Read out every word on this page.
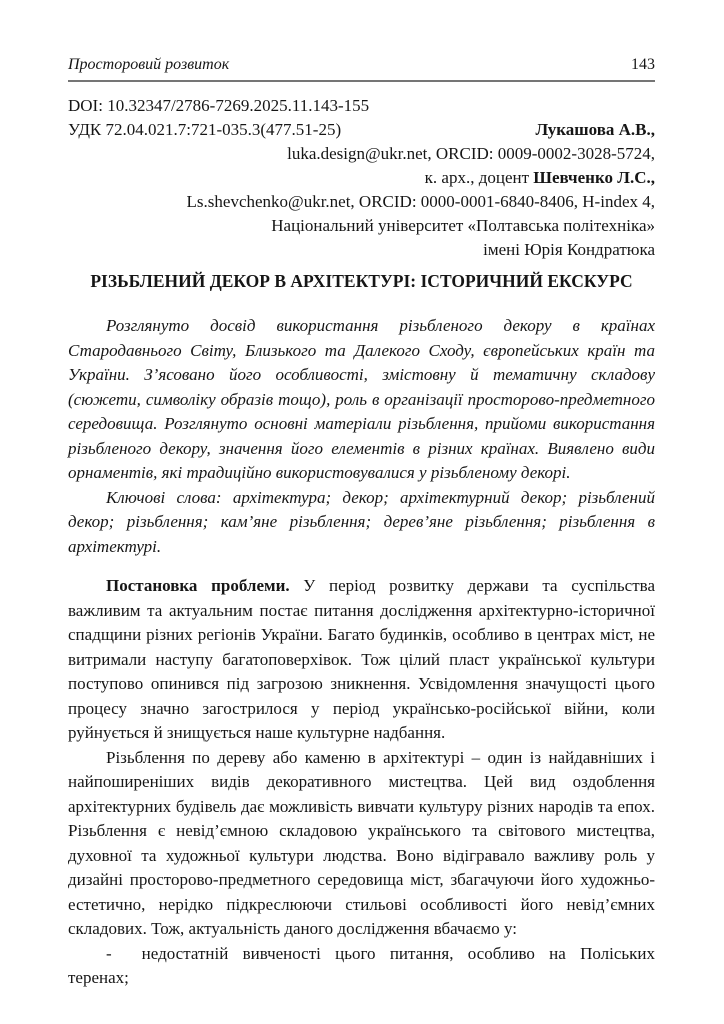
Просторовий розвиток	143

DOI: 10.32347/2786-7269.2025.11.143-155

УДК 72.04.021.7:721-035.3(477.51-25)	Лукашова А.В.,

luka.design@ukr.net, ORCID: 0009-0002-3028-5724,

к. арх., доцент Шевченко Л.С.,

Ls.shevchenko@ukr.net, ORCID: 0000-0001-6840-8406, H-index 4,

Національний університет «Полтавська політехніка»

імені Юрія Кондратюка

РІЗЬБЛЕНИЙ ДЕКОР В АРХІТЕКТУРІ: ІСТОРИЧНИЙ ЕКСКУРС

Розглянуто досвід використання різьбленого декору в країнах Стародавнього Світу, Близького та Далекого Сходу, європейських країн та України. З’ясовано його особливості, змістовну й тематичну складову (сюжети, символіку образів тощо), роль в організації просторово-предметного середовища. Розглянуто основні матеріали різьблення, прийоми використання різьбленого декору, значення його елементів в різних країнах. Виявлено види орнаментів, які традиційно використовувалися у різьбленому декорі.

Ключові слова: архітектура; декор; архітектурний декор; різьблений декор; різьблення; кам’яне різьблення; дерев’яне різьблення; різьблення в архітектурі.

Постановка проблеми. У період розвитку держави та суспільства важливим та актуальним постає питання дослідження архітектурно-історичної спадщини різних регіонів України. Багато будинків, особливо в центрах міст, не витримали наступу багатоповерхівок. Тож цілий пласт української культури поступово опинився під загрозою зникнення. Усвідомлення значущості цього процесу значно загострилося у період українсько-російської війни, коли руйнується й знищується наше культурне надбання.

Різьблення по дереву або каменю в архітектурі – один із найдавніших і найпоширеніших видів декоративного мистецтва. Цей вид оздоблення архітектурних будівель дає можливість вивчати культуру різних народів та епох. Різьблення є невід’ємною складовою українського та світового мистецтва, духовної та художньої культури людства. Воно відігравало важливу роль у дизайні просторово-предметного середовища міст, збагачуючи його художньо-естетично, нерідко підкреслюючи стильові особливості його невід’ємних складових. Тож, актуальність даного дослідження вбачаємо у:

- недостатній вивченості цього питання, особливо на Поліських теренах;
